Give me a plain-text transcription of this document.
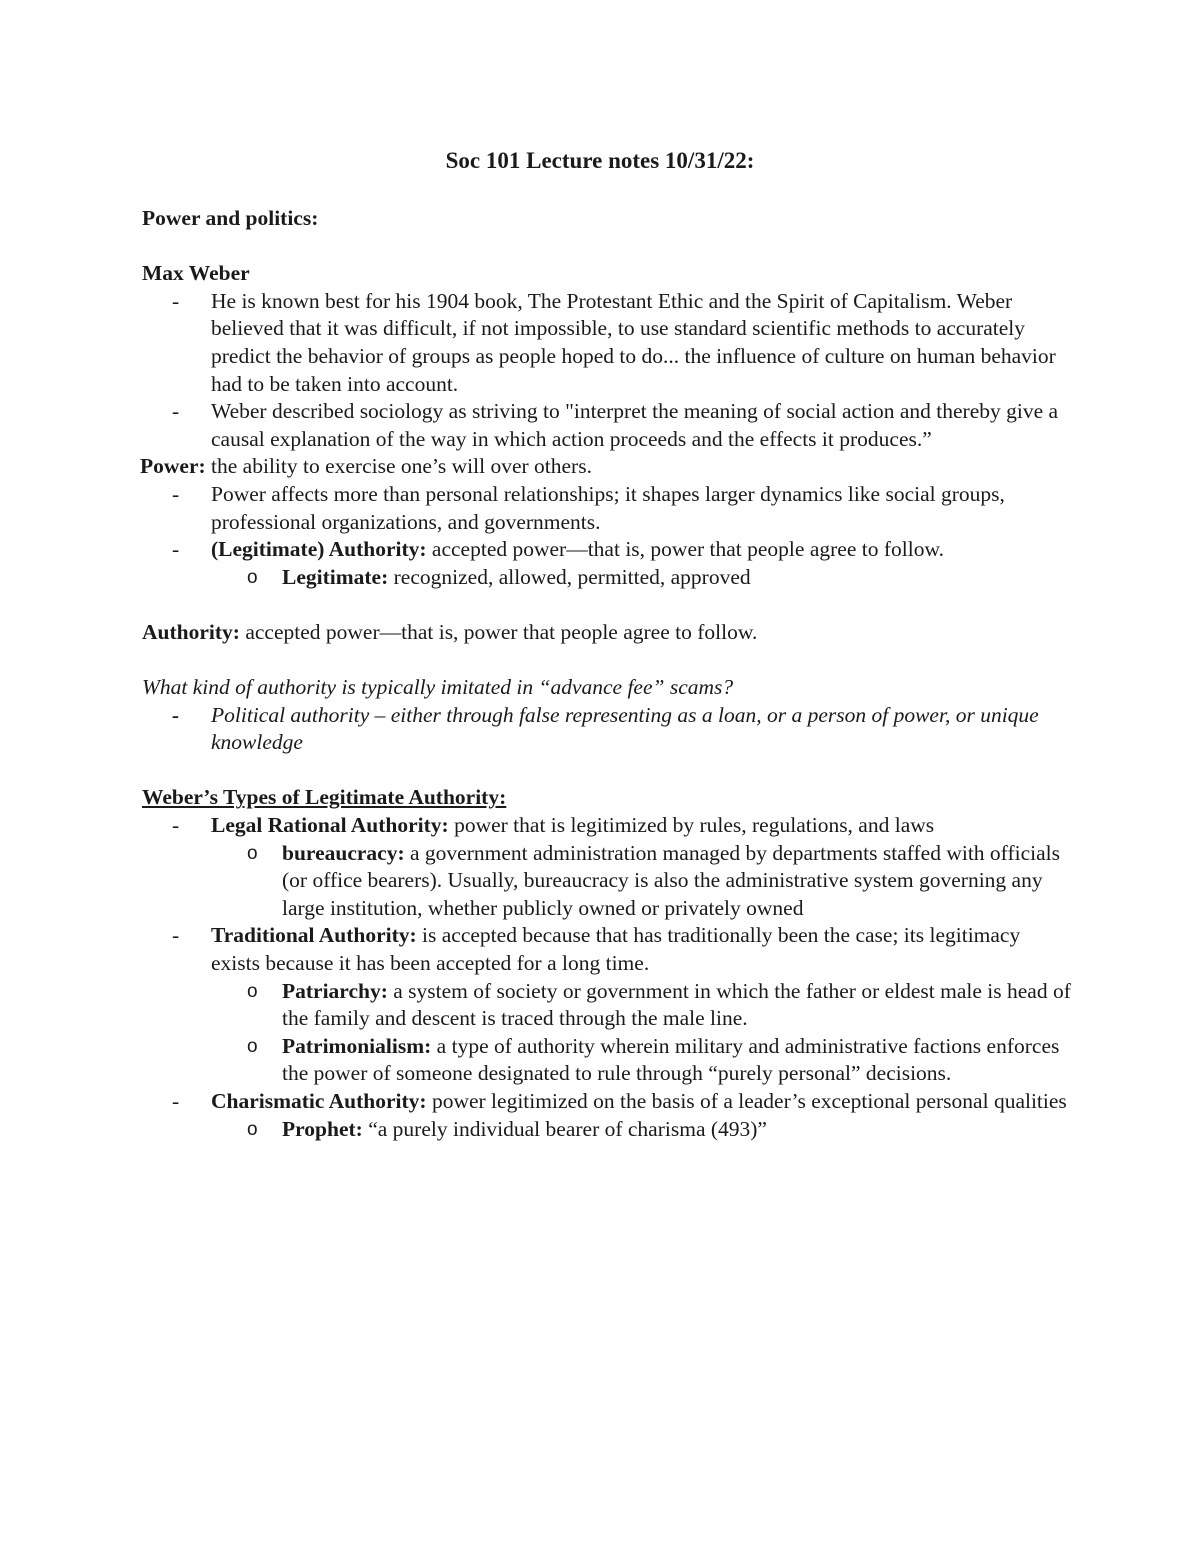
Soc 101 Lecture notes 10/31/22:

Power and politics:

Max Weber

- He is known best for his 1904 book, The Protestant Ethic and the Spirit of Capitalism. Weber believed that it was difficult, if not impossible, to use standard scientific methods to accurately predict the behavior of groups as people hoped to do... the influence of culture on human behavior had to be taken into account.
- Weber described sociology as striving to "interpret the meaning of social action and thereby give a causal explanation of the way in which action proceeds and the effects it produces.”

Power: the ability to exercise one’s will over others.

- Power affects more than personal relationships; it shapes larger dynamics like social groups, professional organizations, and governments.
- (Legitimate) Authority: accepted power—that is, power that people agree to follow.
o Legitimate: recognized, allowed, permitted, approved

Authority: accepted power—that is, power that people agree to follow.

What kind of authority is typically imitated in “advance fee” scams?

- Political authority – either through false representing as a loan, or a person of power, or unique knowledge

Weber’s Types of Legitimate Authority:

- Legal Rational Authority: power that is legitimized by rules, regulations, and laws
o bureaucracy: a government administration managed by departments staffed with officials (or office bearers). Usually, bureaucracy is also the administrative system governing any large institution, whether publicly owned or privately owned
- Traditional Authority: is accepted because that has traditionally been the case; its legitimacy exists because it has been accepted for a long time.
o Patriarchy: a system of society or government in which the father or eldest male is head of the family and descent is traced through the male line.
o Patrimonialism: a type of authority wherein military and administrative factions enforces the power of someone designated to rule through “purely personal” decisions.
- Charismatic Authority: power legitimized on the basis of a leader’s exceptional personal qualities
o Prophet: “a purely individual bearer of charisma (493)”
